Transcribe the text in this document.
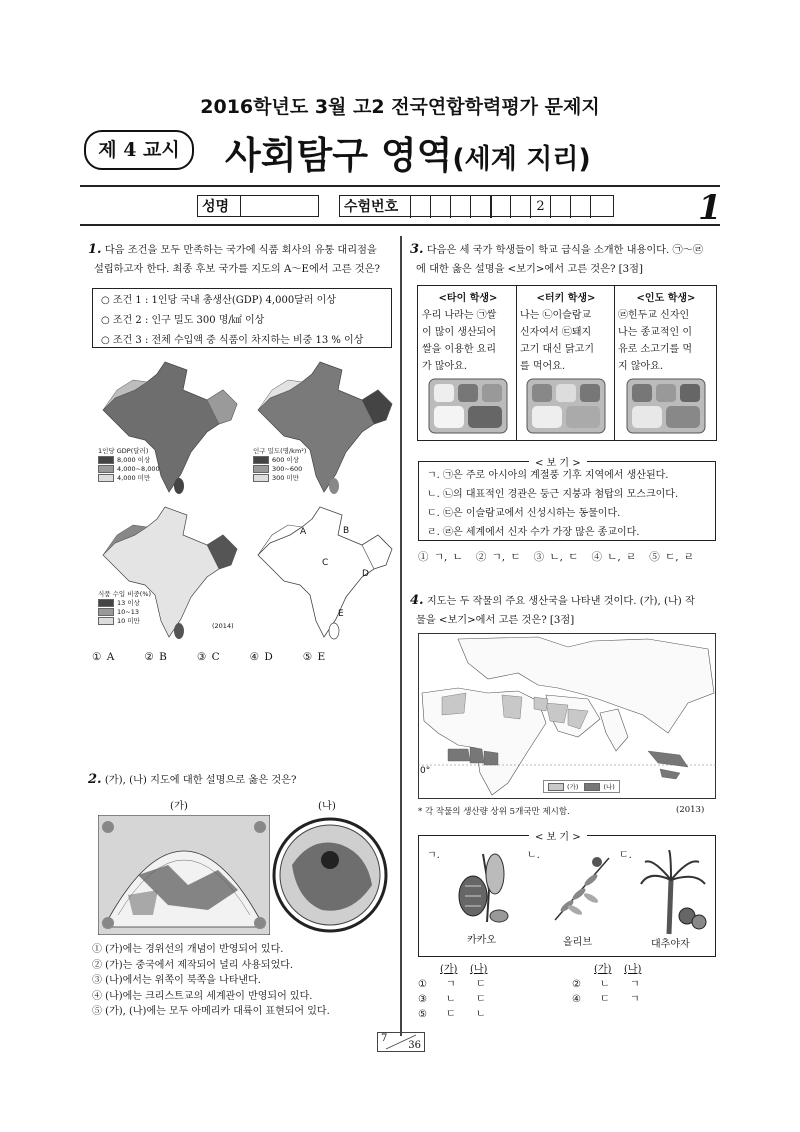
2016학년도 3월 고2 전국연합학력평가 문제지
제 4 교시	사회탐구 영역(세계 지리)
성명	수험번호	2	1
1. 다음 조건을 모두 만족하는 국가에 식품 회사의 유통 대리점을
설립하고자 한다. 최종 후보 국가를 지도의 A～E에서 고른 것은?
○ 조건 1 : 1인당 국내 총생산(GDP) 4,000달러 이상
○ 조건 2 : 인구 밀도 300 명/㎢ 이상
○ 조건 3 : 전체 수입액 중 식품이 차지하는 비중 13 % 이상
1인당 GDP(달러)
8,000 이상
4,000~8,000
4,000 미만
인구 밀도(명/km²)
600 이상
300~600
300 미만
식품 수입 비중(%)
13 이상
10~13
10 미만
(2014)
A	B
C
D
E
① A	② B	③ C	④ D	⑤ E
2. (가), (나) 지도에 대한 설명으로 옳은 것은?
(가)	(나)
① (가)에는 경위선의 개념이 반영되어 있다.
② (가)는 중국에서 제작되어 널리 사용되었다.
③ (나)에서는 위쪽이 북쪽을 나타낸다.
④ (나)에는 크리스트교의 세계관이 반영되어 있다.
⑤ (가), (나)에는 모두 아메리카 대륙이 표현되어 있다.
3. 다음은 세 국가 학생들이 학교 급식을 소개한 내용이다. ㉠～㉣
에 대한 옳은 설명을 <보기>에서 고른 것은? [3점]
<타이 학생>
우리 나라는 ㉠쌀
이 많이 생산되어
쌀을 이용한 요리
가 많아요.
<터키 학생>
나는 ㉡이슬람교
신자여서 ㉢돼지
고기 대신 닭고기
를 먹어요.
<인도 학생>
㉣힌두교 신자인
나는 종교적인 이
유로 소고기를 먹
지 않아요.
< 보 기 >
ㄱ. ㉠은 주로 아시아의 계절풍 기후 지역에서 생산된다.
ㄴ. ㉡의 대표적인 경관은 둥근 지붕과 첨탑의 모스크이다.
ㄷ. ㉢은 이슬람교에서 신성시하는 동물이다.
ㄹ. ㉣은 세계에서 신자 수가 가장 많은 종교이다.
① ㄱ, ㄴ ② ㄱ, ㄷ ③ ㄴ, ㄷ ④ ㄴ, ㄹ ⑤ ㄷ, ㄹ
4. 지도는 두 작물의 주요 생산국을 나타낸 것이다. (가), (나) 작
물을 <보기>에서 고른 것은? [3점]
0°
(가)	(나)
* 각 작물의 생산량 상위 5개국만 제시함.	(2013)
< 보 기 >
ㄱ.	ㄴ.	ㄷ.
카카오	올리브	대추야자
(가) (나)	(가) (나)
① ㄱ ㄷ	② ㄴ ㄱ
③ ㄴ ㄷ	④ ㄷ ㄱ
⑤ ㄷ ㄴ
7
36
